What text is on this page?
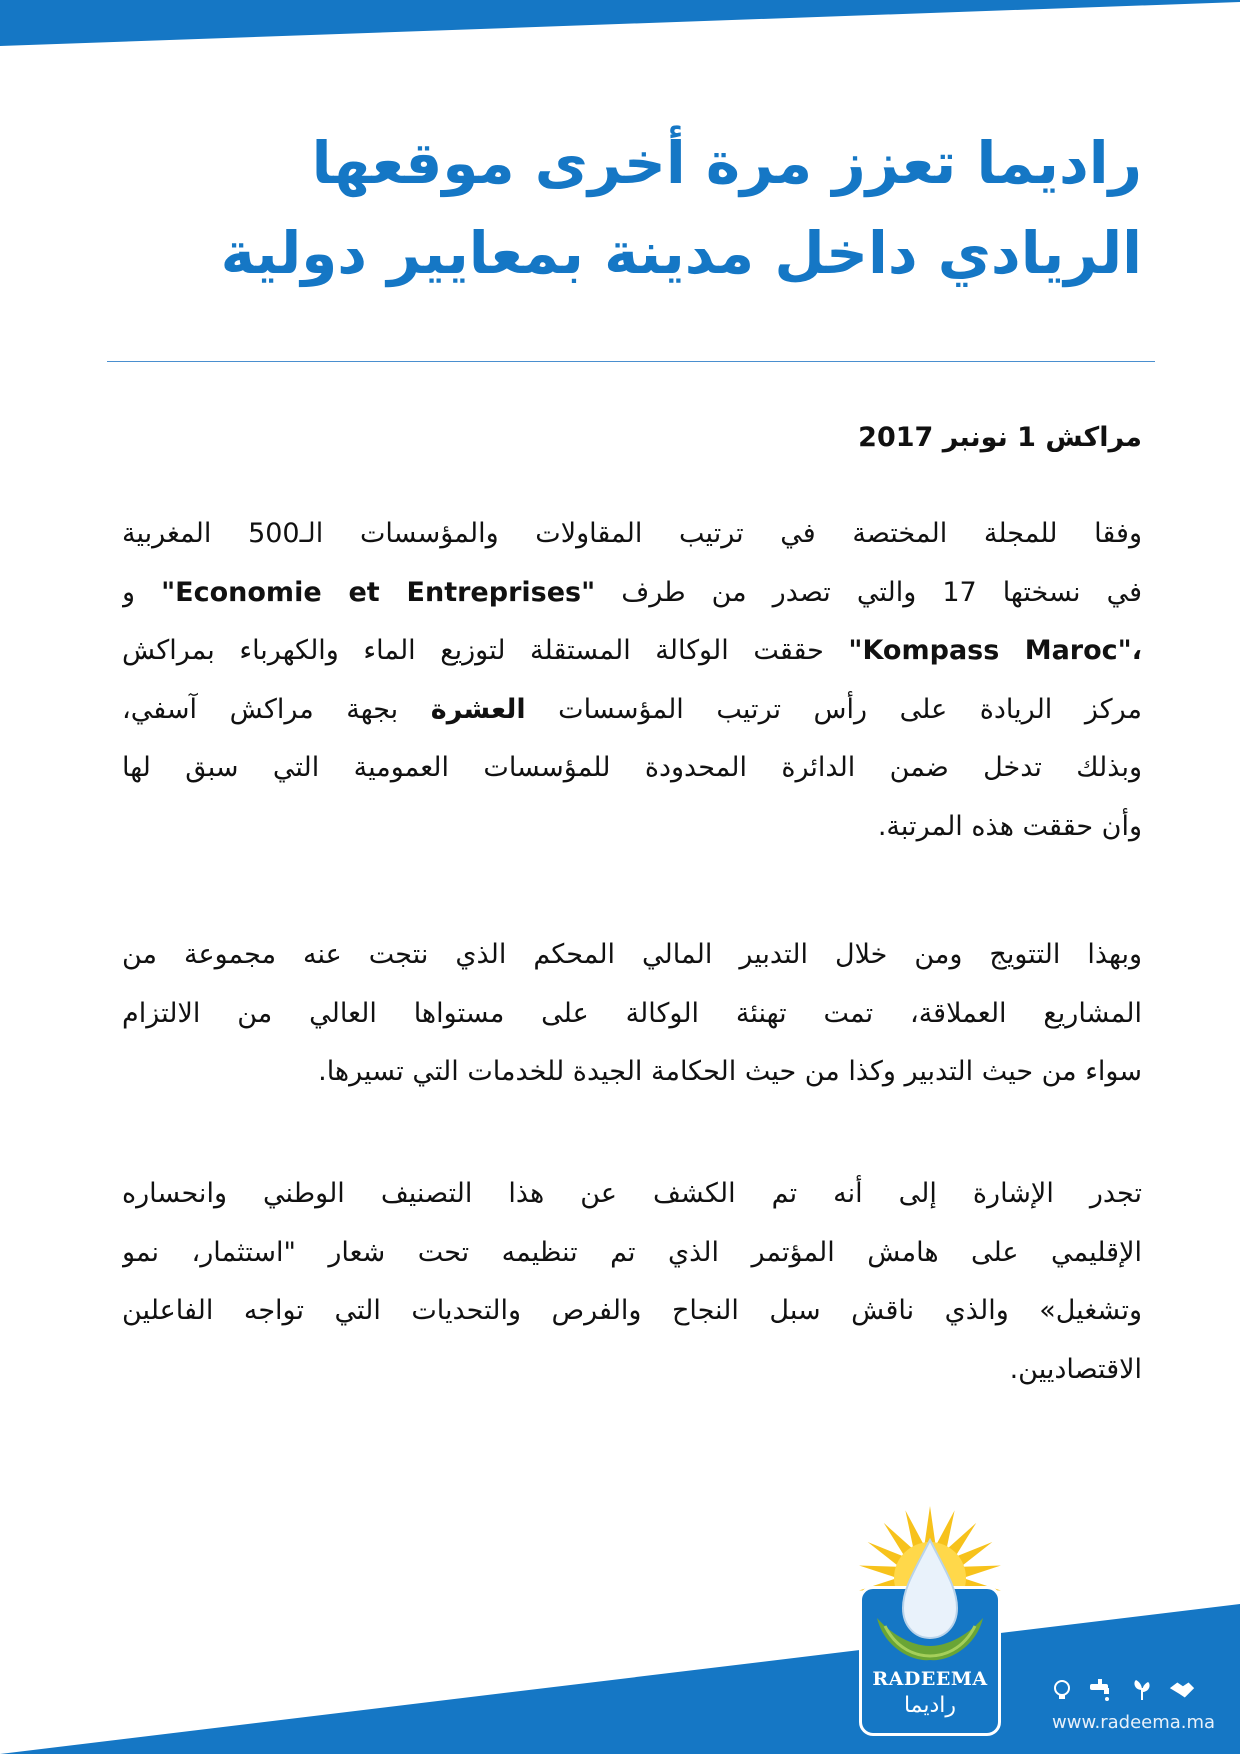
راديما تعزز مرة أخرى موقعها
الريادي داخل مدينة بمعايير دولية

مراكش 1 نونبر 2017

وفقا للمجلة المختصة في ترتيب المقاولات والمؤسسات الـ500 المغربية
في نسختها 17 والتي تصدر من طرف "Economie et Entreprises" و
"Kompass Maroc"، حققت الوكالة المستقلة لتوزيع الماء والكهرباء بمراكش
مركز الريادة على رأس ترتيب المؤسسات العشرة بجهة مراكش آسفي،
وبذلك تدخل ضمن الدائرة المحدودة للمؤسسات العمومية التي سبق لها
وأن حققت هذه المرتبة.
وبهذا التتويج ومن خلال التدبير المالي المحكم الذي نتجت عنه مجموعة من
المشاريع العملاقة، تمت تهنئة الوكالة على مستواها العالي من الالتزام
سواء من حيث التدبير وكذا من حيث الحكامة الجيدة للخدمات التي تسيرها.
تجدر الإشارة إلى أنه تم الكشف عن هذا التصنيف الوطني وانحساره
الإقليمي على هامش المؤتمر الذي تم تنظيمه تحت شعار "استثمار، نمو
وتشغيل» والذي ناقش سبل النجاح والفرص والتحديات التي تواجه الفاعلين
الاقتصاديين.
RADEEMA
راديما
www.radeema.ma
